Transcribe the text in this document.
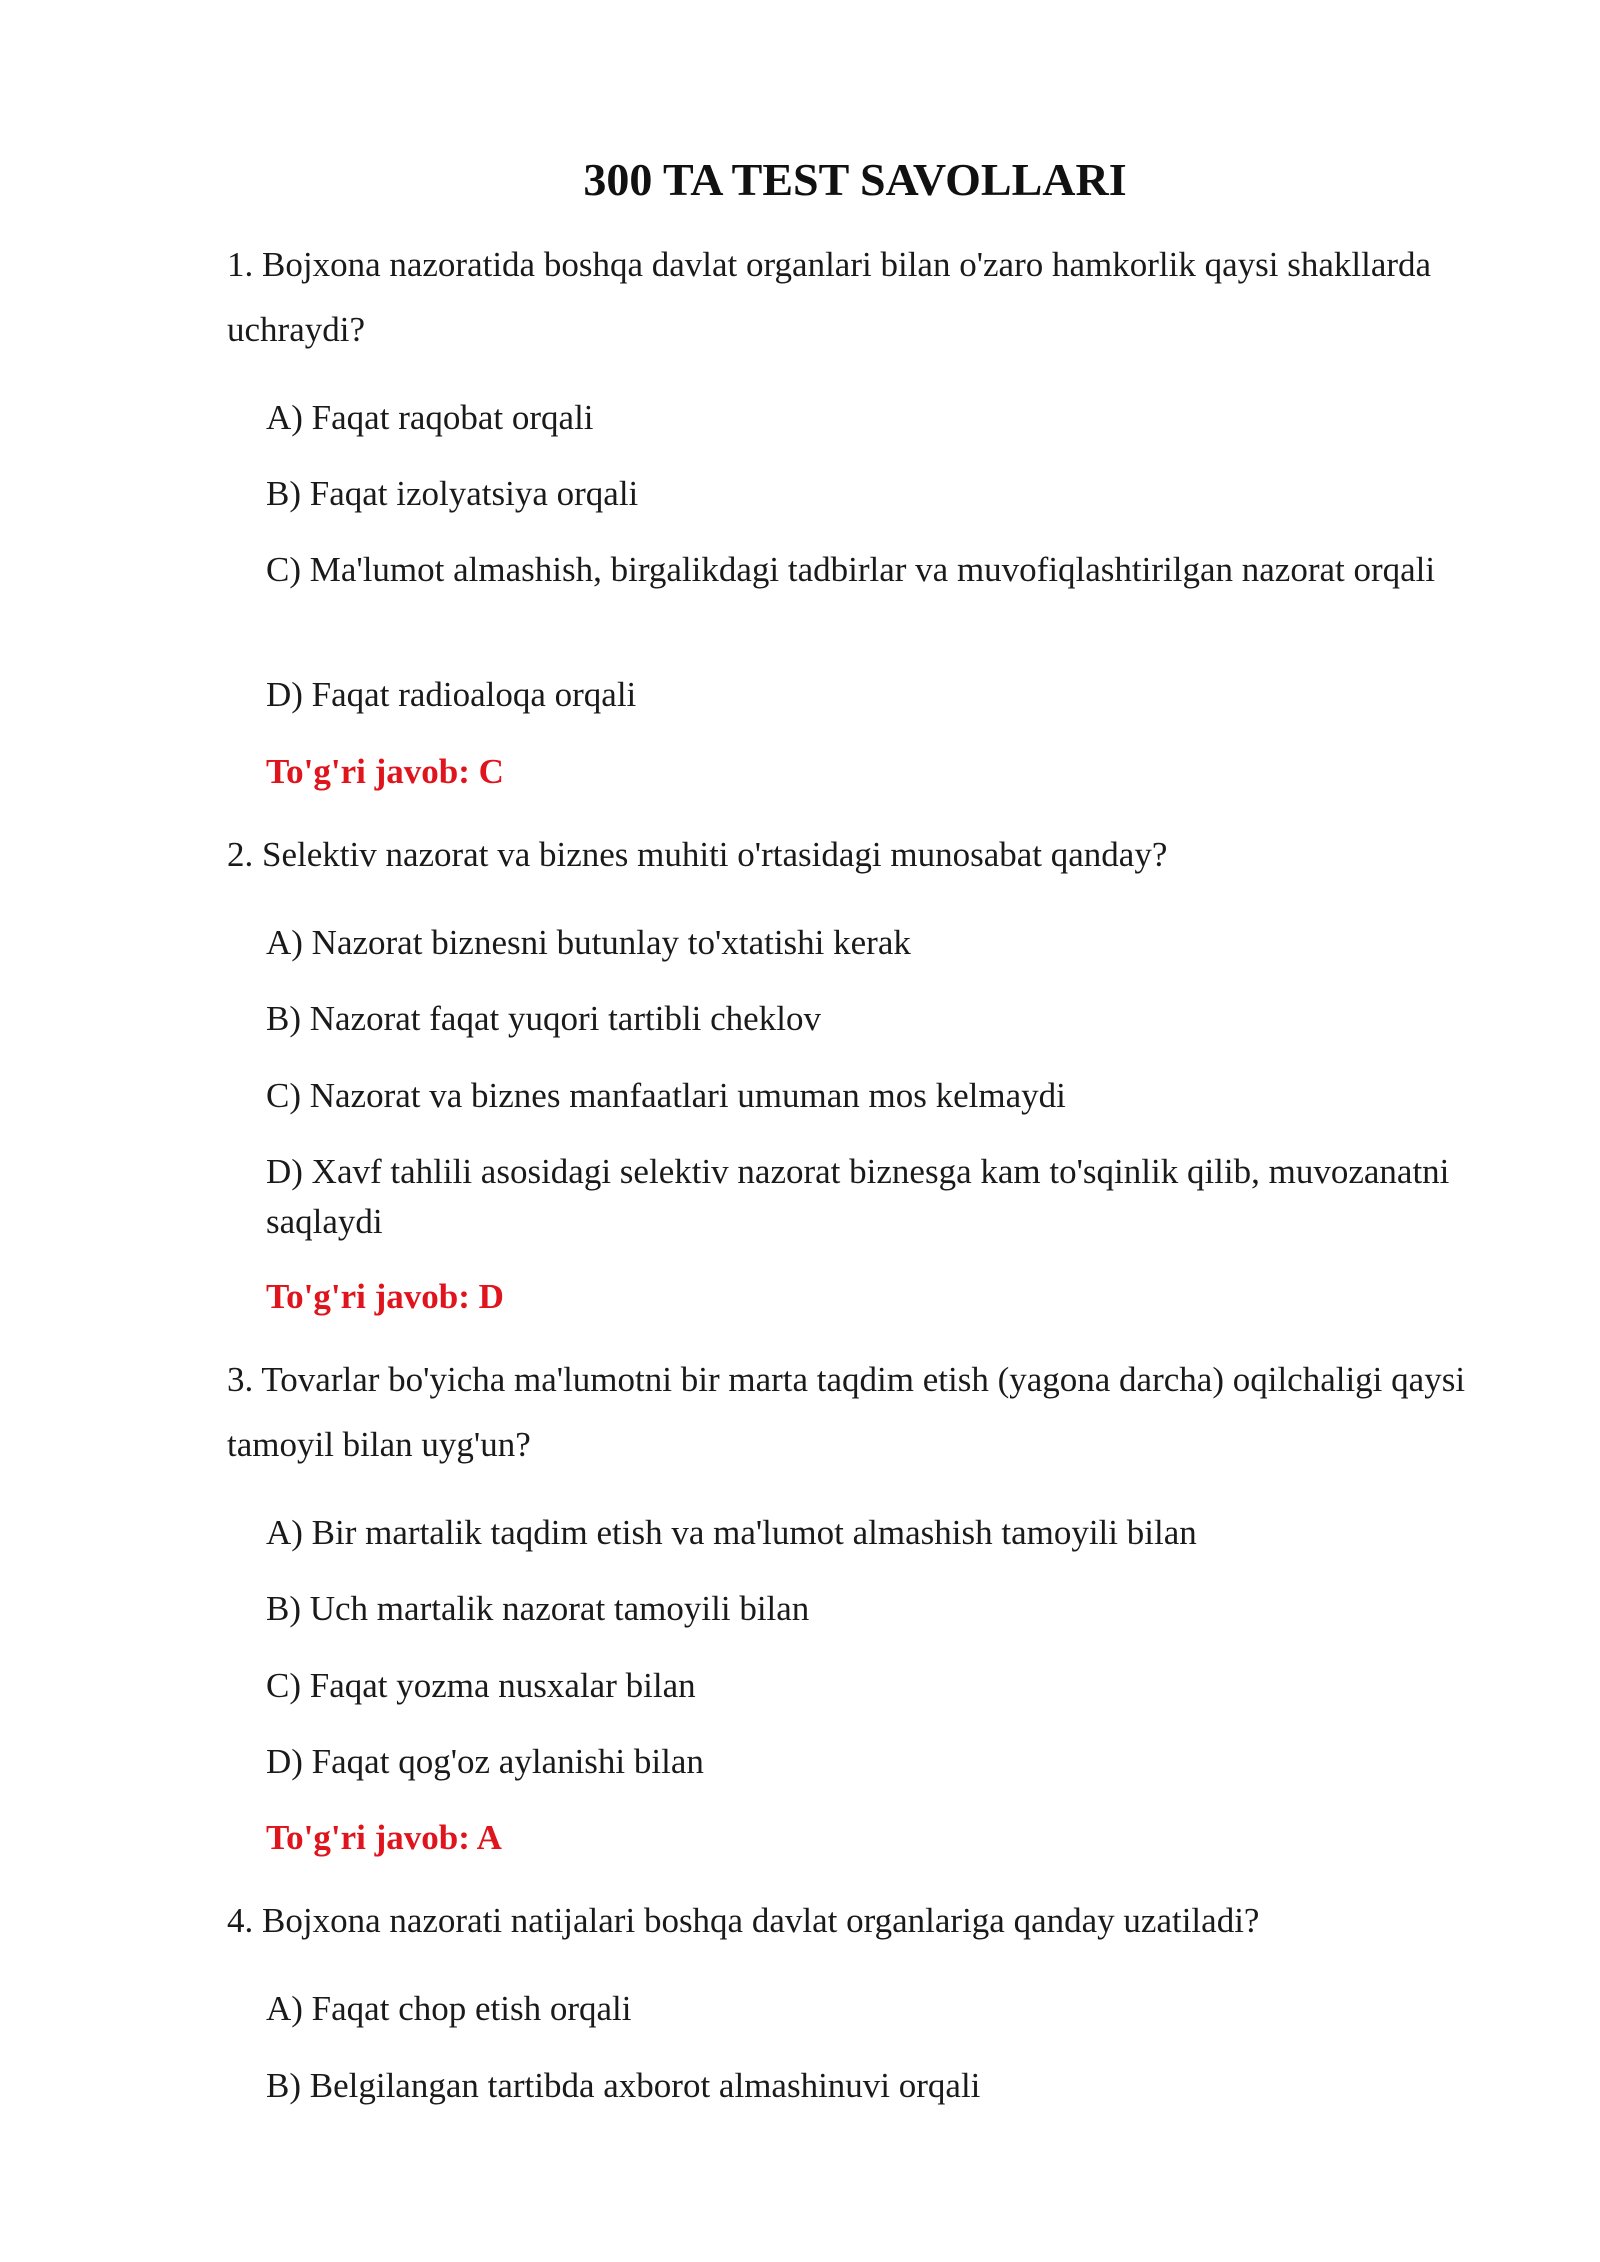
300 TA TEST SAVOLLARI
1. Bojxona nazoratida boshqa davlat organlari bilan o'zaro hamkorlik qaysi shakllarda uchraydi?
A) Faqat raqobat orqali
B) Faqat izolyatsiya orqali
C) Ma'lumot almashish, birgalikdagi tadbirlar va muvofiqlashtirilgan nazorat orqali
D) Faqat radioaloqa orqali
To'g'ri javob: C
2. Selektiv nazorat va biznes muhiti o'rtasidagi munosabat qanday?
A) Nazorat biznesni butunlay to'xtatishi kerak
B) Nazorat faqat yuqori tartibli cheklov
C) Nazorat va biznes manfaatlari umuman mos kelmaydi
D) Xavf tahlili asosidagi selektiv nazorat biznesga kam to'sqinlik qilib, muvozanatni saqlaydi
To'g'ri javob: D
3. Tovarlar bo'yicha ma'lumotni bir marta taqdim etish (yagona darcha) oqilchaligi qaysi tamoyil bilan uyg'un?
A) Bir martalik taqdim etish va ma'lumot almashish tamoyili bilan
B) Uch martalik nazorat tamoyili bilan
C) Faqat yozma nusxalar bilan
D) Faqat qog'oz aylanishi bilan
To'g'ri javob: A
4. Bojxona nazorati natijalari boshqa davlat organlariga qanday uzatiladi?
A) Faqat chop etish orqali
B) Belgilangan tartibda axborot almashinuvi orqali
